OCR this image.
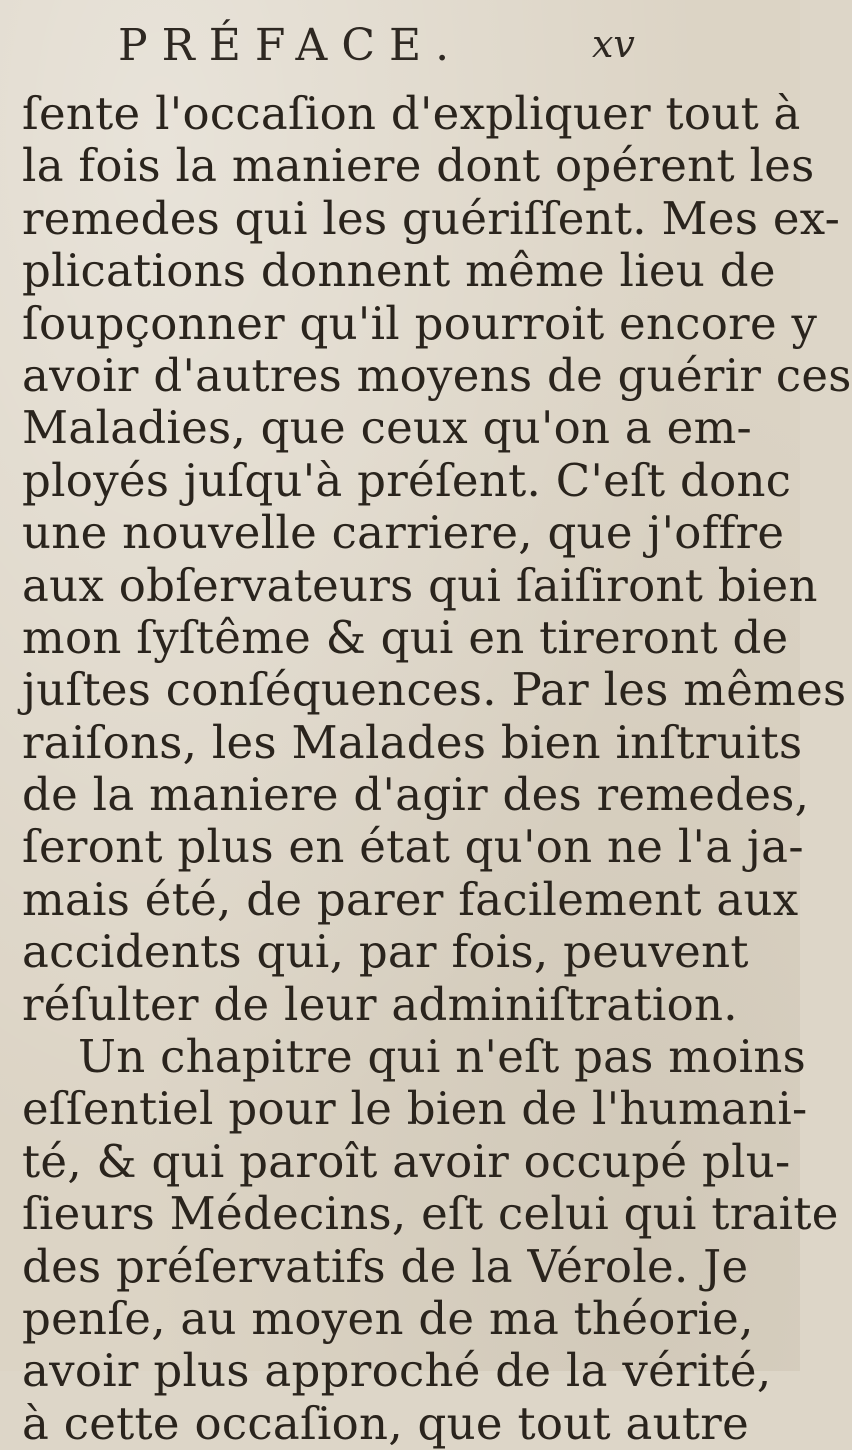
PRÉFACE.	xv
ſente l'occaſion d'expliquer tout à
la fois la maniere dont opérent les
remedes qui les guériſſent. Mes ex-
plications donnent même lieu de
ſoupçonner qu'il pourroit encore y
avoir d'autres moyens de guérir ces
Maladies, que ceux qu'on a em-
ployés juſqu'à préſent. C'eſt donc
une nouvelle carriere, que j'offre
aux obſervateurs qui ſaiſiront bien
mon ſyſtême & qui en tireront de
juſtes conſéquences. Par les mêmes
raiſons, les Malades bien inſtruits
de la maniere d'agir des remedes,
ſeront plus en état qu'on ne l'a ja-
mais été, de parer facilement aux
accidents qui, par fois, peuvent
réſulter de leur adminiſtration.
Un chapitre qui n'eſt pas moins
eſſentiel pour le bien de l'humani-
té, & qui paroît avoir occupé plu-
ſieurs Médecins, eſt celui qui traite
des préſervatifs de la Vérole. Je
penſe, au moyen de ma théorie,
avoir plus approché de la vérité,
à cette occaſion, que tout autre
